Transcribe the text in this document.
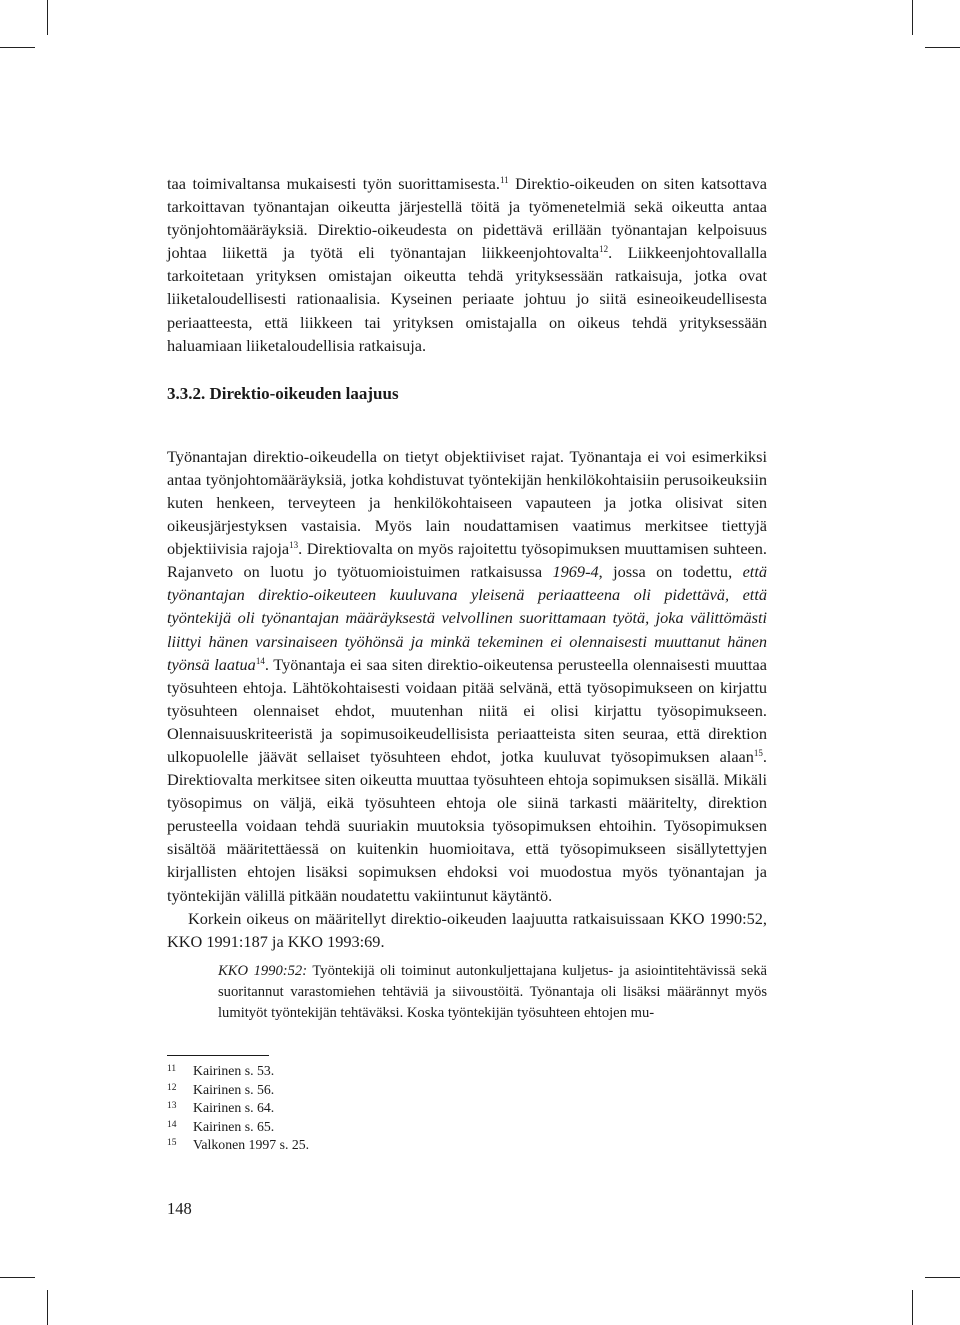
taa toimivaltansa mukaisesti työn suorittamisesta.$^{11}$ Direktio-oikeuden on siten katsottava tarkoittavan työnantajan oikeutta järjestellä töitä ja työmenetelmiä sekä oikeutta antaa työnjohtomääräyksiä. Direktio-oikeudesta on pidettävä erillään työnantajan kelpoisuus johtaa liikettä ja työtä eli työnantajan liikkeenjohtovalta$^{12}$. Liikkeenjohtovallalla tarkoitetaan yrityksen omistajan oikeutta tehdä yrityksessään ratkaisuja, jotka ovat liiketaloudellisesti rationaalisia. Kyseinen periaate johtuu jo siitä esineoikeudellisesta periaatteesta, että liikkeen tai yrityksen omistajalla on oikeus tehdä yrityksessään haluamiaan liiketaloudellisia ratkaisuja.

3.3.2. Direktio-oikeuden laajuus

Työnantajan direktio-oikeudella on tietyt objektiiviset rajat. Työnantaja ei voi esimerkiksi antaa työnjohtomääräyksiä, jotka kohdistuvat työntekijän henkilökohtaisiin perusoikeuksiin kuten henkeen, terveyteen ja henkilökohtaiseen vapauteen ja jotka olisivat siten oikeusjärjestyksen vastaisia. Myös lain noudattamisen vaatimus merkitsee tiettyjä objektiivisia rajoja$^{13}$. Direktiovalta on myös rajoitettu työsopimuksen muuttamisen suhteen. Rajanveto on luotu jo työtuomioistuimen ratkaisussa 1969-4, jossa on todettu, että työnantajan direktio-oikeuteen kuuluvana yleisenä periaatteena oli pidettävä, että työntekijä oli työnantajan määräyksestä velvollinen suorittamaan työtä, joka välittömästi liittyi hänen varsinaiseen työhönsä ja minkä tekeminen ei olennaisesti muuttanut hänen työnsä laatua$^{14}$. Työnantaja ei saa siten direktio-oikeutensa perusteella olennaisesti muuttaa työsuhteen ehtoja. Lähtökohtaisesti voidaan pitää selvänä, että työsopimukseen on kirjattu työsuhteen olennaiset ehdot, muutenhan niitä ei olisi kirjattu työsopimukseen. Olennaisuuskriteeristä ja sopimusoikeudellisista periaatteista siten seuraa, että direktion ulkopuolelle jäävät sellaiset työsuhteen ehdot, jotka kuuluvat työsopimuksen alaan$^{15}$. Direktiovalta merkitsee siten oikeutta muuttaa työsuhteen ehtoja sopimuksen sisällä. Mikäli työsopimus on väljä, eikä työsuhteen ehtoja ole siinä tarkasti määritelty, direktion perusteella voidaan tehdä suuriakin muutoksia työsopimuksen ehtoihin. Työsopimuksen sisältöä määritettäessä on kuitenkin huomioitava, että työsopimukseen sisällytettyjen kirjallisten ehtojen lisäksi sopimuksen ehdoksi voi muodostua myös työnantajan ja työntekijän välillä pitkään noudatettu vakiintunut käytäntö.

Korkein oikeus on määritellyt direktio-oikeuden laajuutta ratkaisuissaan KKO 1990:52, KKO 1991:187 ja KKO 1993:69.

KKO 1990:52: Työntekijä oli toiminut autonkuljettajana kuljetus- ja asiointitehtävissä sekä suoritannut varastomiehen tehtäviä ja siivoustöitä. Työnantaja oli lisäksi määrännyt myös lumityöt työntekijän tehtäväksi. Koska työntekijän työsuhteen ehtojen mu-

11 Kairinen s. 53.
12 Kairinen s. 56.
13 Kairinen s. 64.
14 Kairinen s. 65.
15 Valkonen 1997 s. 25.
148
